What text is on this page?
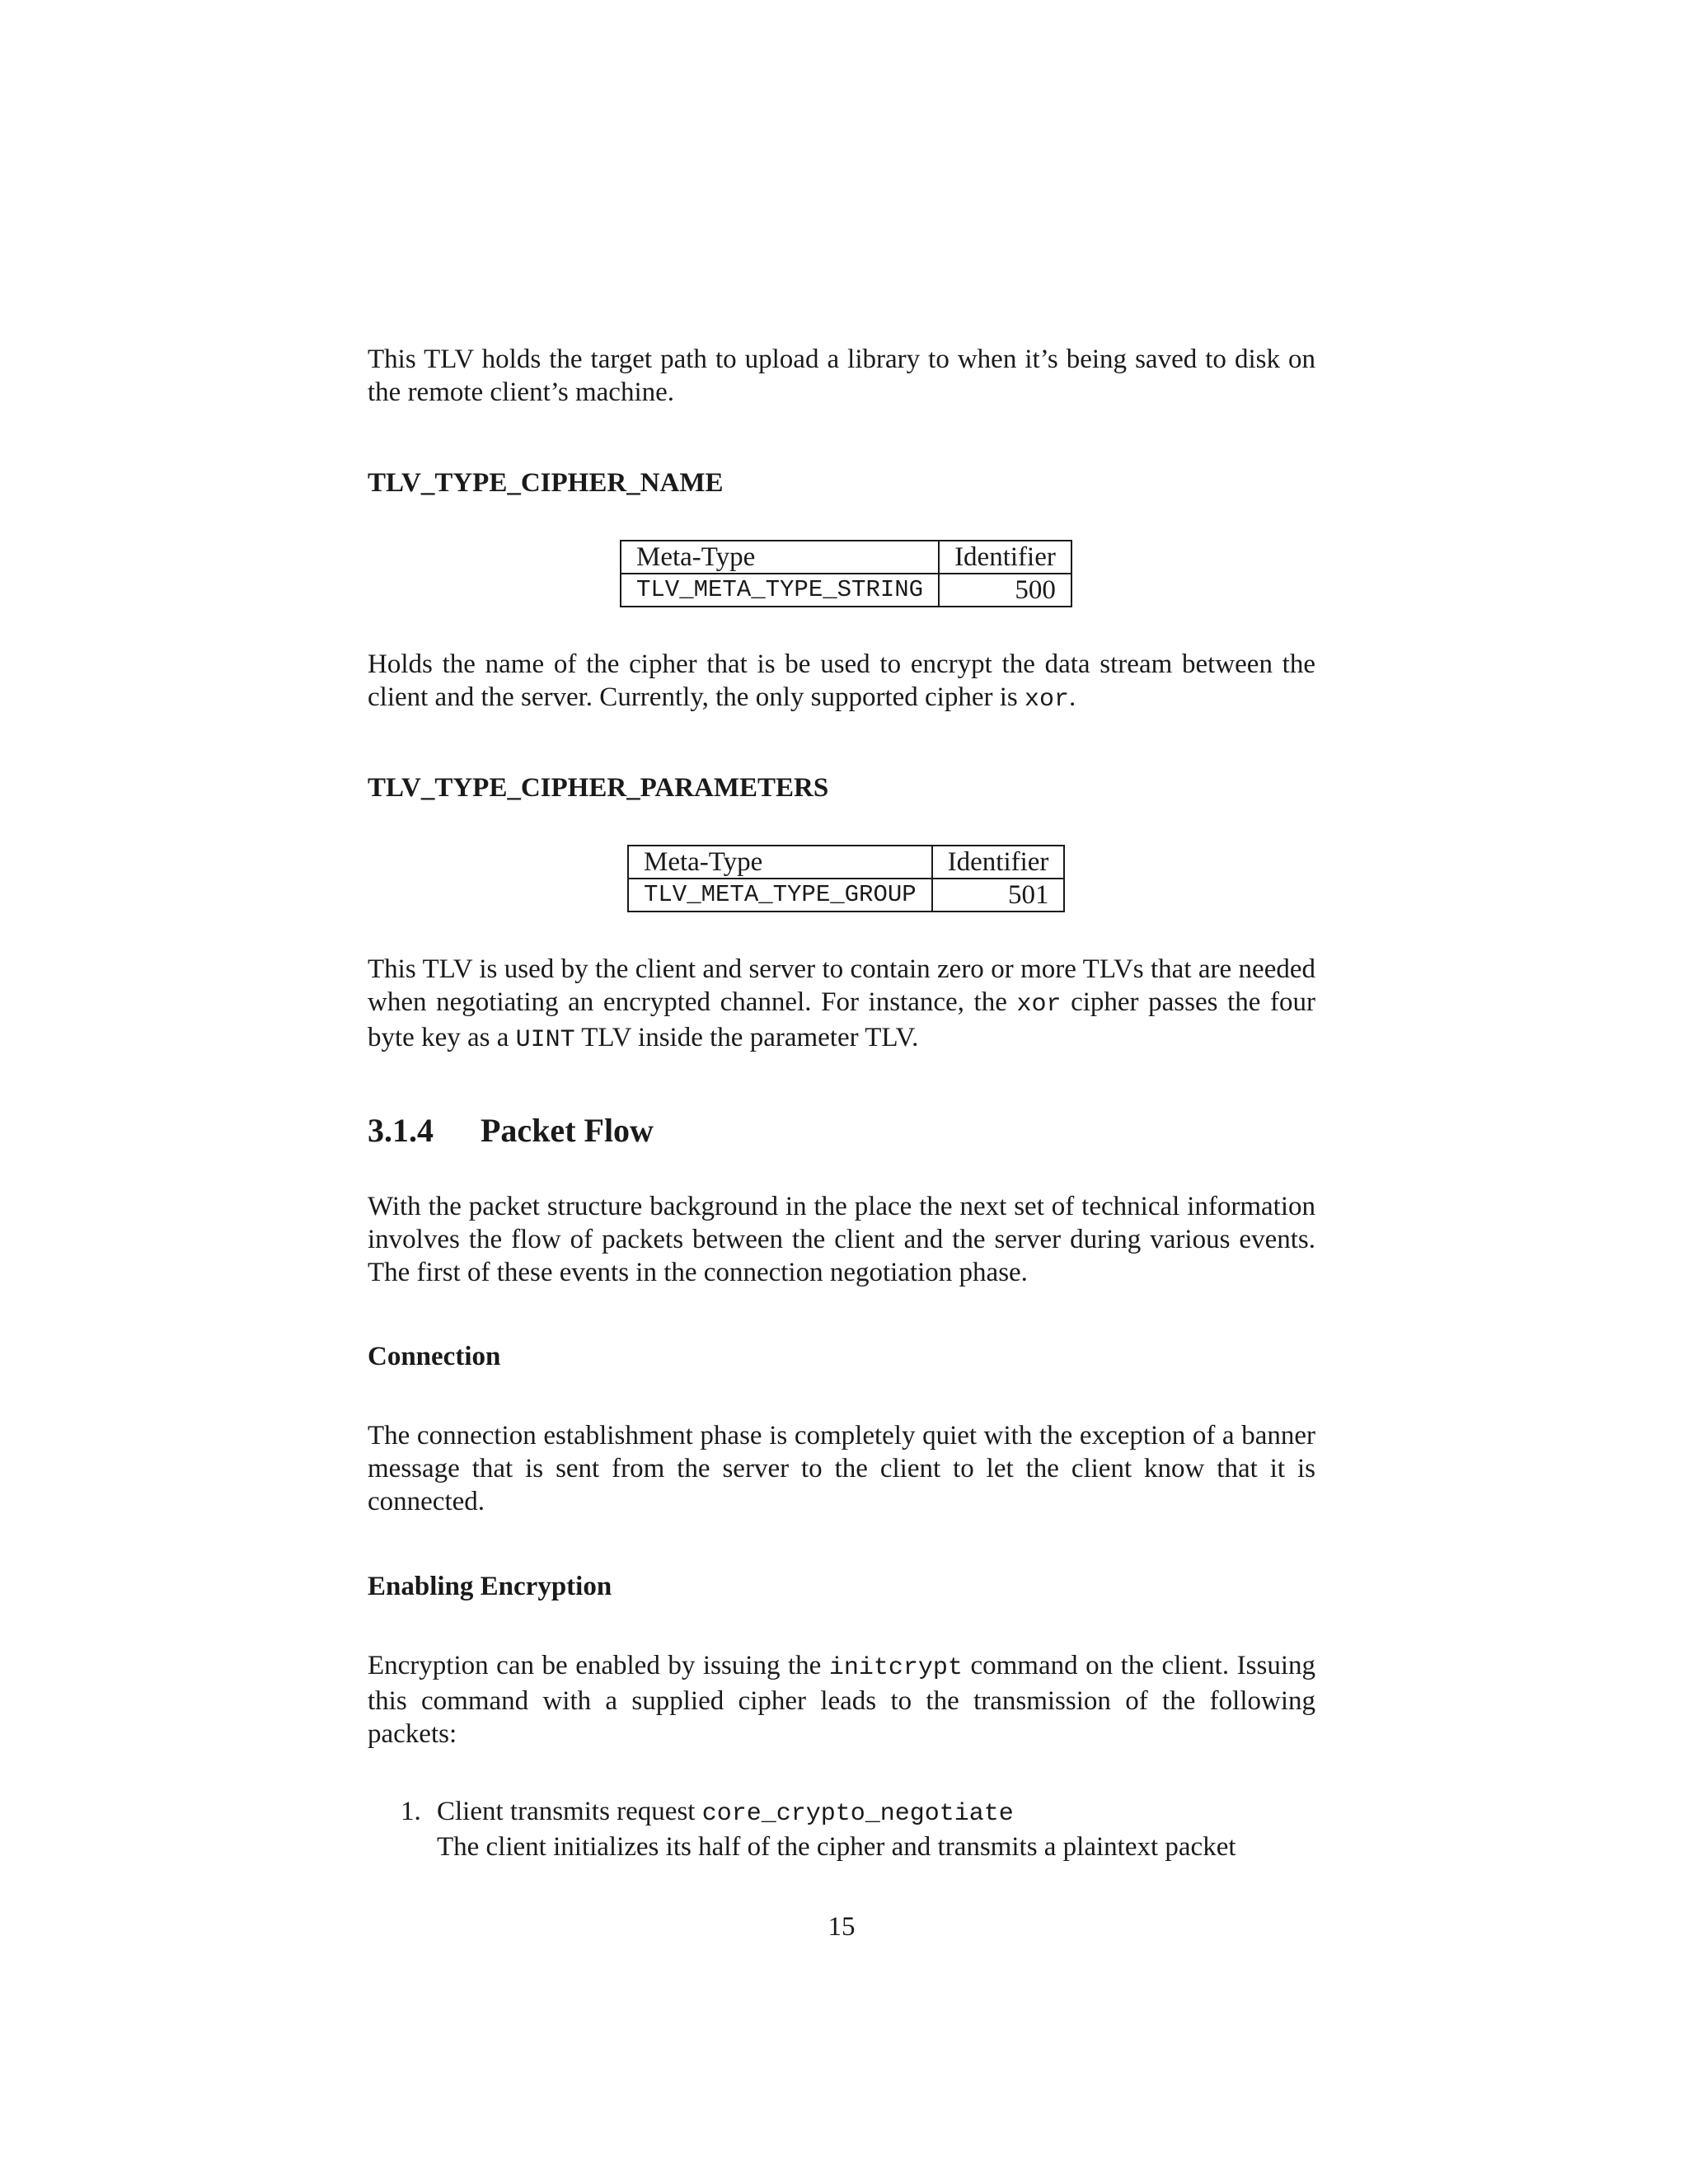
This TLV holds the target path to upload a library to when it’s being saved to disk on the remote client’s machine.

TLV_TYPE_CIPHER_NAME
Meta-Type	Identifier
TLV_META_TYPE_STRING	500

Holds the name of the cipher that is be used to encrypt the data stream between the client and the server. Currently, the only supported cipher is xor.

TLV_TYPE_CIPHER_PARAMETERS
Meta-Type	Identifier
TLV_META_TYPE_GROUP	501

This TLV is used by the client and server to contain zero or more TLVs that are needed when negotiating an encrypted channel. For instance, the xor cipher passes the four byte key as a UINT TLV inside the parameter TLV.

3.1.4 Packet Flow

With the packet structure background in the place the next set of technical information involves the flow of packets between the client and the server during various events. The first of these events in the connection negotiation phase.

Connection

The connection establishment phase is completely quiet with the exception of a banner message that is sent from the server to the client to let the client know that it is connected.

Enabling Encryption

Encryption can be enabled by issuing the initcrypt command on the client. Issuing this command with a supplied cipher leads to the transmission of the following packets:

1. Client transmits request core_crypto_negotiate
The client initializes its half of the cipher and transmits a plaintext packet
15
